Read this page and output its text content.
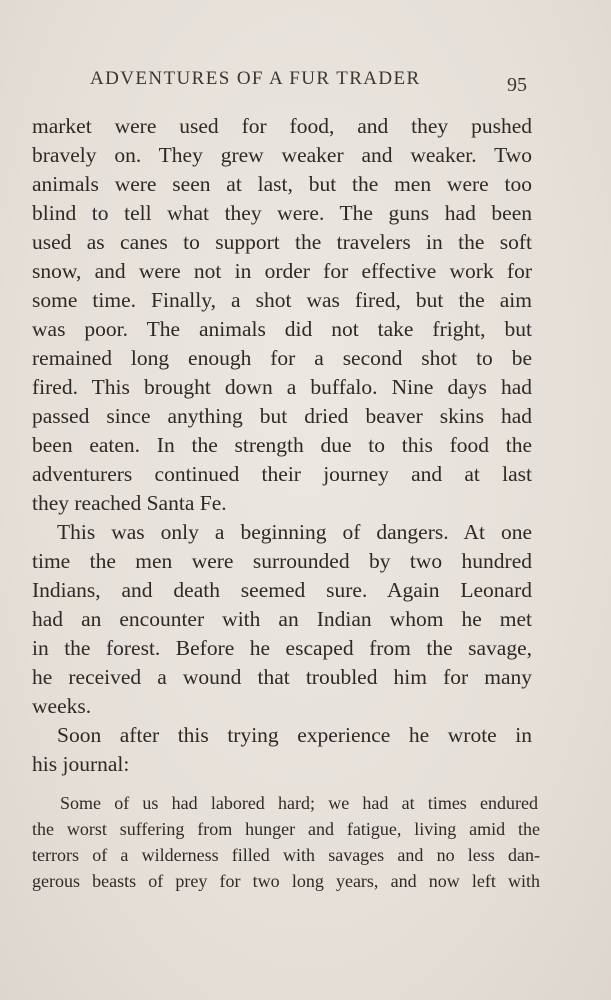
ADVENTURES OF A FUR TRADER	95
market were used for food, and they pushed
bravely on. They grew weaker and weaker. Two
animals were seen at last, but the men were too
blind to tell what they were. The guns had been
used as canes to support the travelers in the soft
snow, and were not in order for effective work for
some time. Finally, a shot was fired, but the aim
was poor. The animals did not take fright, but
remained long enough for a second shot to be
fired. This brought down a buffalo. Nine days had
passed since anything but dried beaver skins had
been eaten. In the strength due to this food the
adventurers continued their journey and at last
they reached Santa Fe.
This was only a beginning of dangers. At one
time the men were surrounded by two hundred
Indians, and death seemed sure. Again Leonard
had an encounter with an Indian whom he met
in the forest. Before he escaped from the savage,
he received a wound that troubled him for many
weeks.
Soon after this trying experience he wrote in
his journal:
Some of us had labored hard; we had at times endured
the worst suffering from hunger and fatigue, living amid the
terrors of a wilderness filled with savages and no less dan-
gerous beasts of prey for two long years, and now left with
